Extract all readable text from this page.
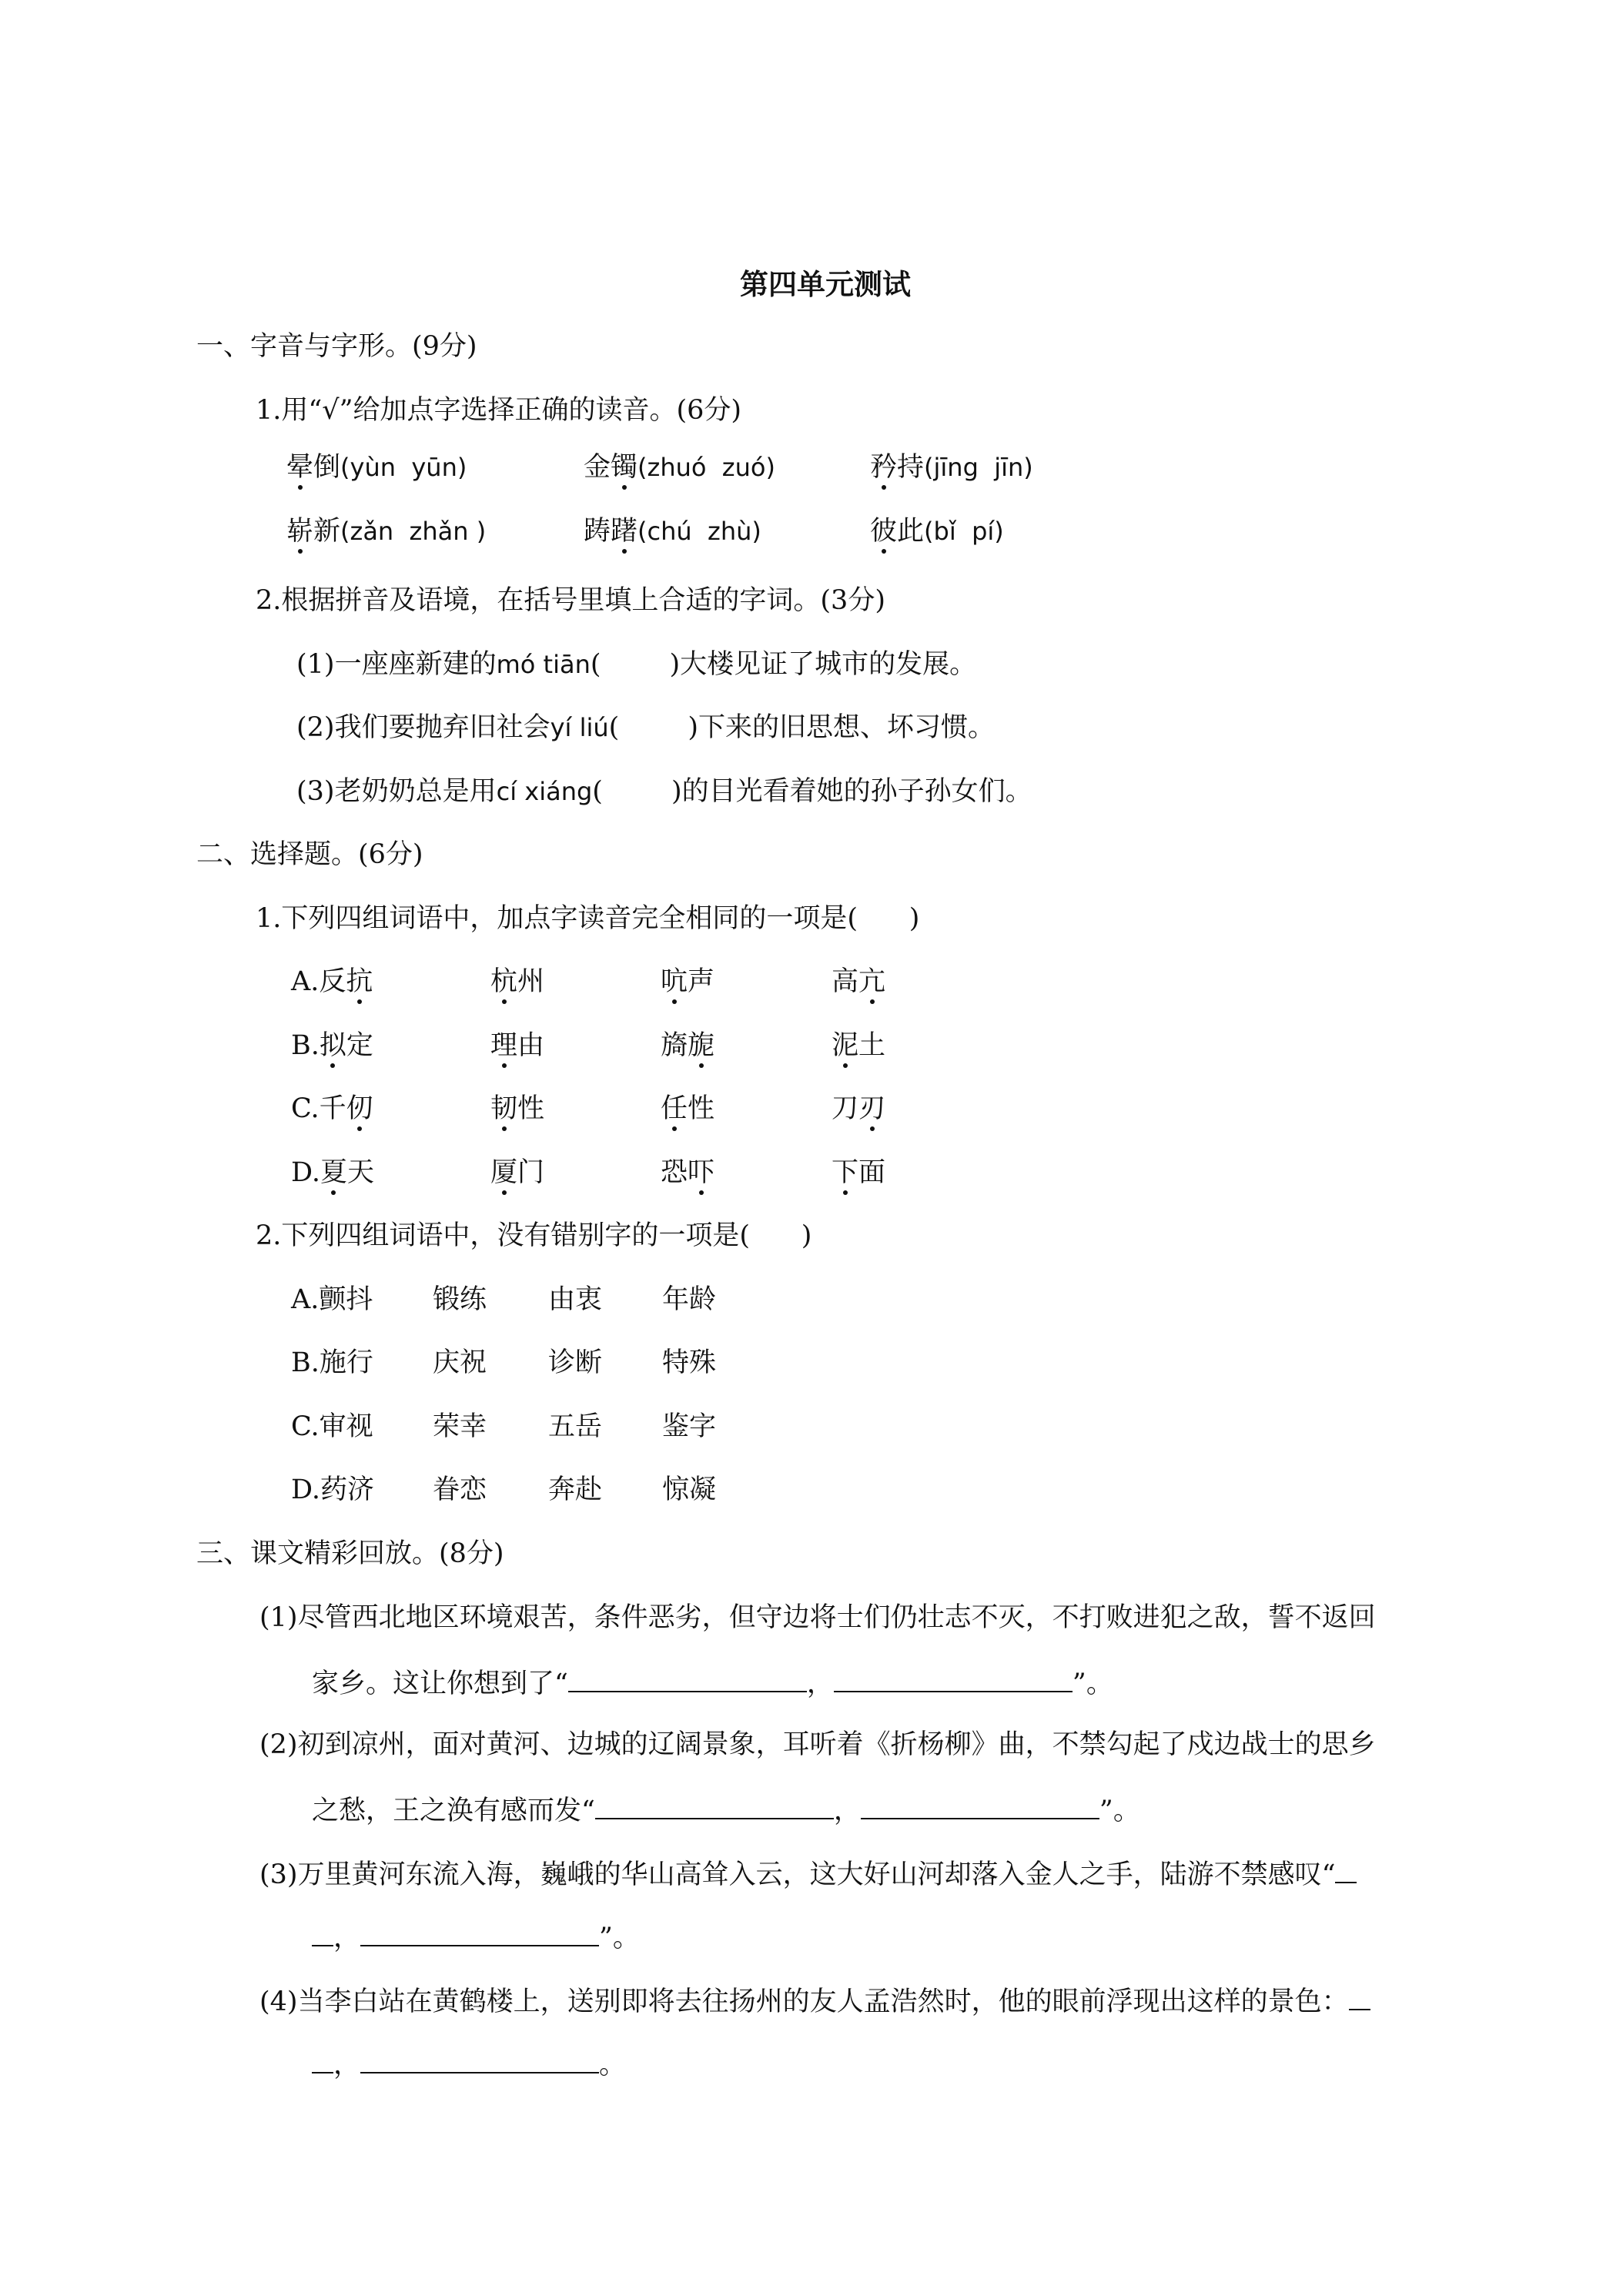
第四单元测试
一、字音与字形。(9分)
1.用“√”给加点字选择正确的读音。(6分)
晕倒(yùn  yūn)	金镯(zhuó  zuó)	矜持(jīng  jīn)
崭新(zǎn  zhǎn )	踌躇(chú  zhù)	彼此(bǐ  pí)
2.根据拼音及语境，在括号里填上合适的字词。(3分)
(1)一座座新建的mó tiān(        )大楼见证了城市的发展。
(2)我们要抛弃旧社会yí liú(        )下来的旧思想、坏习惯。
(3)老奶奶总是用cí xiáng(        )的目光看着她的孙子孙女们。
二、选择题。(6分)
1.下列四组词语中，加点字读音完全相同的一项是(      )
A.反抗	杭州	吭声	高亢
B.拟定	理由	旖旎	泥土
C.千仞	韧性	任性	刀刃
D.夏天	厦门	恐吓	下面
2.下列四组词语中，没有错别字的一项是(      )
A.颤抖 锻练 由衷 年龄
B.施行 庆祝 诊断 特殊
C.审视 荣幸 五岳 鉴字
D.药济 眷恋 奔赴 惊凝
三、课文精彩回放。(8分)
(1)尽管西北地区环境艰苦，条件恶劣，但守边将士们仍壮志不灭，不打败进犯之敌，誓不返回
家乡。这让你想到了“	，	”。
(2)初到凉州，面对黄河、边城的辽阔景象，耳听着《折杨柳》曲，不禁勾起了戍边战士的思乡
之愁，王之涣有感而发“	，	”。
(3)万里黄河东流入海，巍峨的华山高耸入云，这大好山河却落入金人之手，陆游不禁感叹“
，	”。
(4)当李白站在黄鹤楼上，送别即将去往扬州的友人孟浩然时，他的眼前浮现出这样的景色：
，	。
